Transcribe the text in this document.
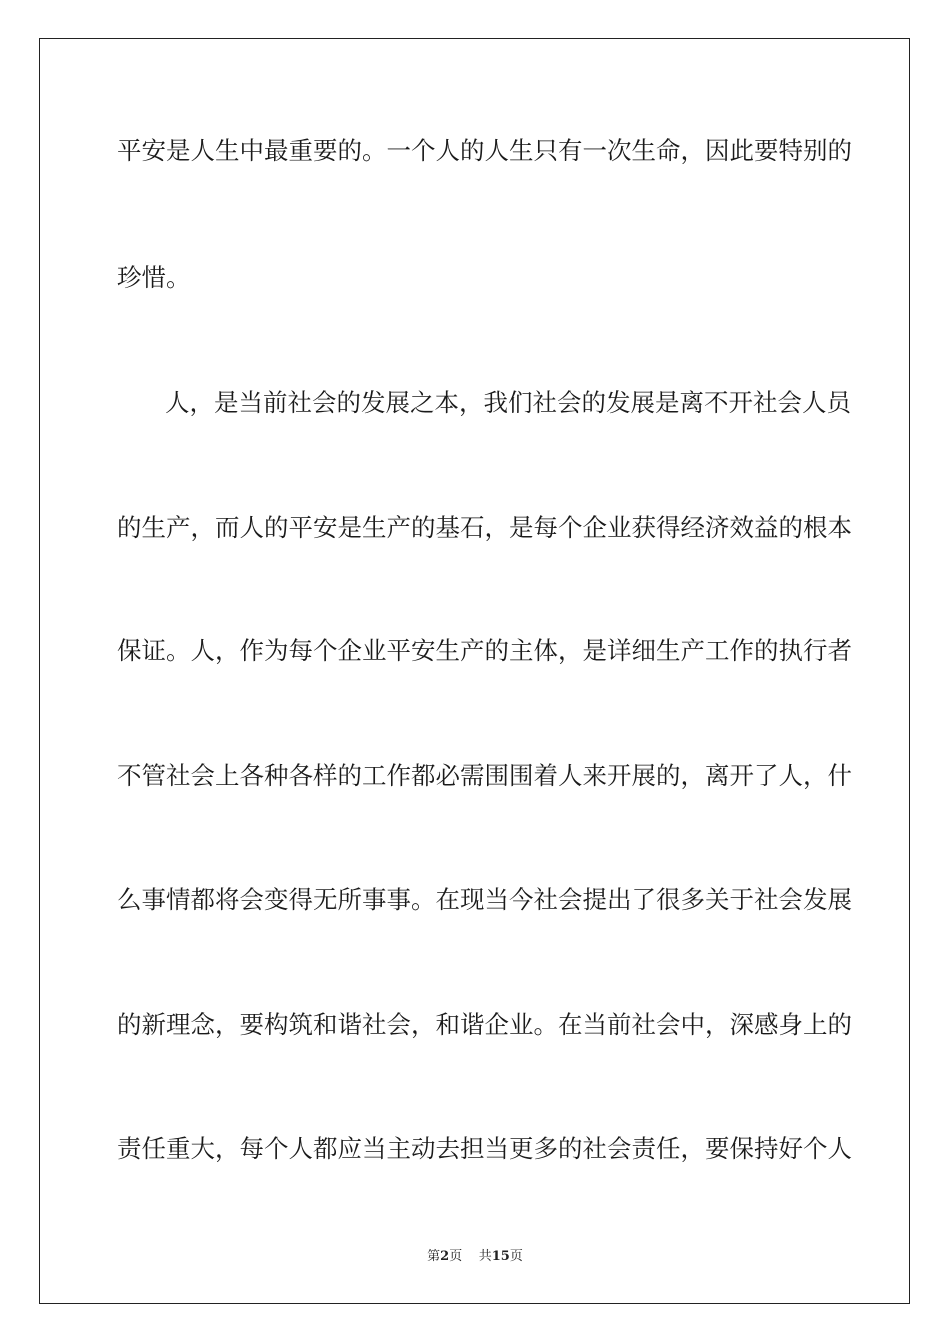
平安是人生中最重要的。一个人的人生只有一次生命，因此要特别的
珍惜。
人，是当前社会的发展之本，我们社会的发展是离不开社会人员
的生产，而人的平安是生产的基石，是每个企业获得经济效益的根本
保证。人，作为每个企业平安生产的主体，是详细生产工作的执行者
不管社会上各种各样的工作都必需围围着人来开展的，离开了人，什
么事情都将会变得无所事事。在现当今社会提出了很多关于社会发展
的新理念，要构筑和谐社会，和谐企业。在当前社会中，深感身上的
责任重大，每个人都应当主动去担当更多的社会责任，要保持好个人
第2页 共15页
